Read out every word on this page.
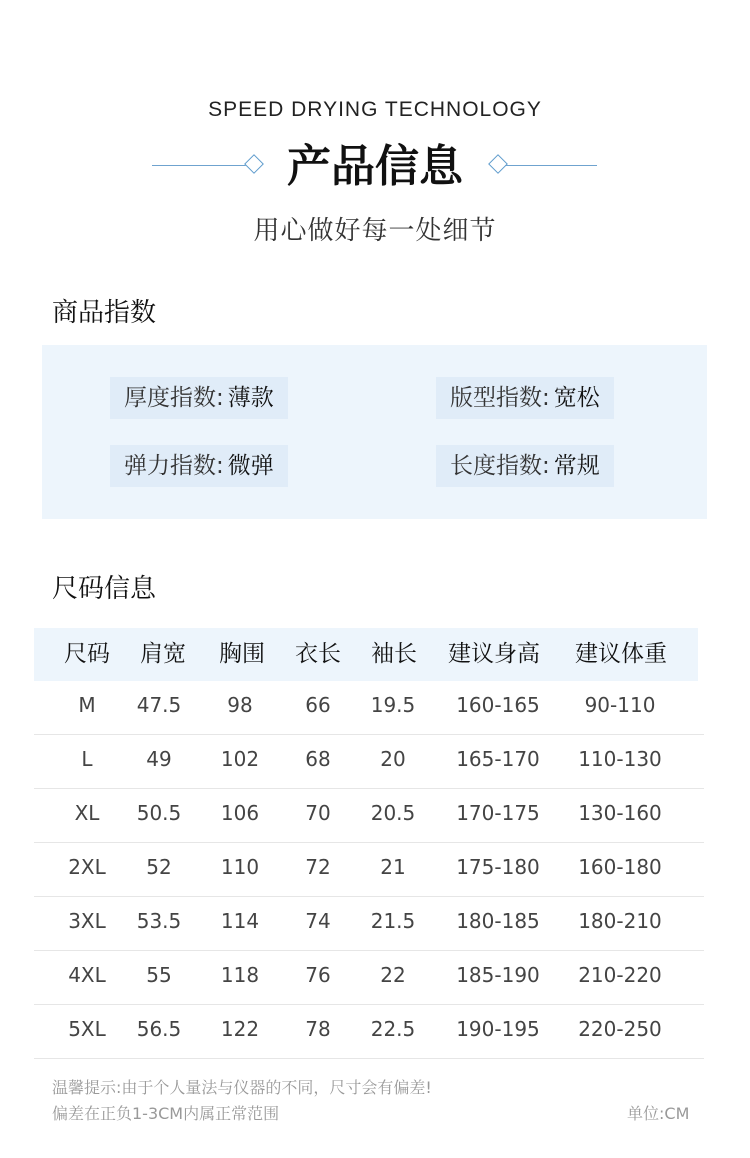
SPEED DRYING TECHNOLOGY
产品信息
用心做好每一处细节
商品指数
厚度指数: 薄款	版型指数: 宽松
弹力指数: 微弹	长度指数: 常规
尺码信息
尺码 肩宽 胸围 衣长 袖长 建议身高 建议体重
M 47.5 98	66 19.5 160-165 90-110
L	49 102 68 20	165-170 110-130
XL 50.5 106 70 20.5 170-175 130-160
2XL 52 110 72 21	175-180 160-180
3XL 53.5 114 74 21.5 180-185 180-210
4XL 55 118 76 22	185-190 210-220
5XL 56.5 122 78 22.5 190-195 220-250
温馨提示:由于个人量法与仪器的不同，尺寸会有偏差!
偏差在正负1-3CM内属正常范围	单位:CM
